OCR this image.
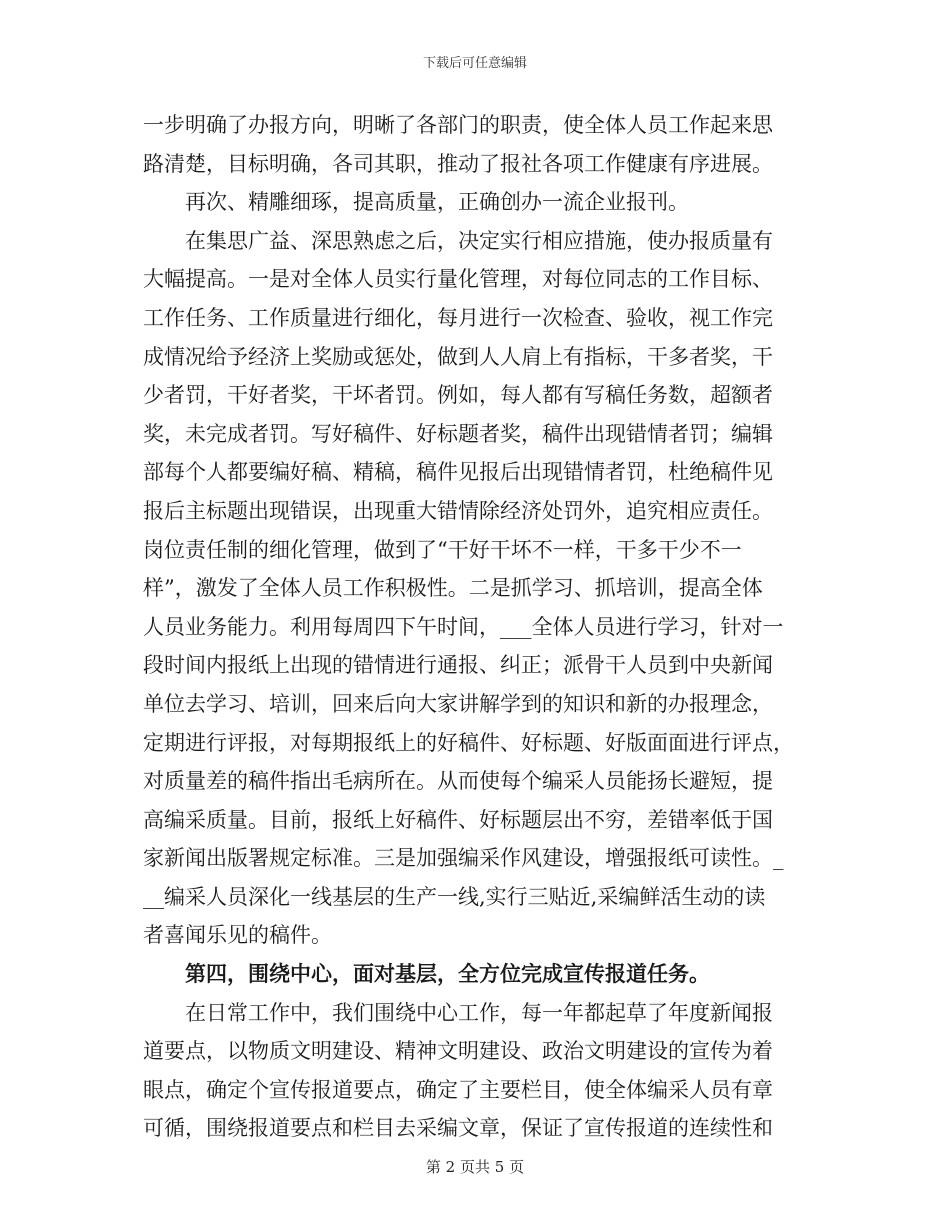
下载后可任意编辑
一步明确了办报方向，明晰了各部门的职责，使全体人员工作起来思
路清楚，目标明确，各司其职，推动了报社各项工作健康有序进展。
再次、精雕细琢，提高质量，正确创办一流企业报刊。
在集思广益、深思熟虑之后，决定实行相应措施，使办报质量有
大幅提高。一是对全体人员实行量化管理，对每位同志的工作目标、
工作任务、工作质量进行细化，每月进行一次检查、验收，视工作完
成情况给予经济上奖励或惩处，做到人人肩上有指标，干多者奖，干
少者罚，干好者奖，干坏者罚。例如，每人都有写稿任务数，超额者
奖，未完成者罚。写好稿件、好标题者奖，稿件出现错情者罚；编辑
部每个人都要编好稿、精稿，稿件见报后出现错情者罚，杜绝稿件见
报后主标题出现错误，出现重大错情除经济处罚外，追究相应责任。
岗位责任制的细化管理，做到了“干好干坏不一样，干多干少不一
样”，激发了全体人员工作积极性。二是抓学习、抓培训，提高全体
人员业务能力。利用每周四下午时间，___全体人员进行学习，针对一
段时间内报纸上出现的错情进行通报、纠正；派骨干人员到中央新闻
单位去学习、培训，回来后向大家讲解学到的知识和新的办报理念，
定期进行评报，对每期报纸上的好稿件、好标题、好版面面进行评点，
对质量差的稿件指出毛病所在。从而使每个编采人员能扬长避短，提
高编采质量。目前，报纸上好稿件、好标题层出不穷，差错率低于国
家新闻出版署规定标准。三是加强编采作风建设，增强报纸可读性。_
__编采人员深化一线基层的生产一线,实行三贴近,采编鲜活生动的读
者喜闻乐见的稿件。
第四，围绕中心，面对基层，全方位完成宣传报道任务。
在日常工作中，我们围绕中心工作，每一年都起草了年度新闻报
道要点，以物质文明建设、精神文明建设、政治文明建设的宣传为着
眼点，确定个宣传报道要点，确定了主要栏目，使全体编采人员有章
可循，围绕报道要点和栏目去采编文章，保证了宣传报道的连续性和
第 2 页共 5 页
